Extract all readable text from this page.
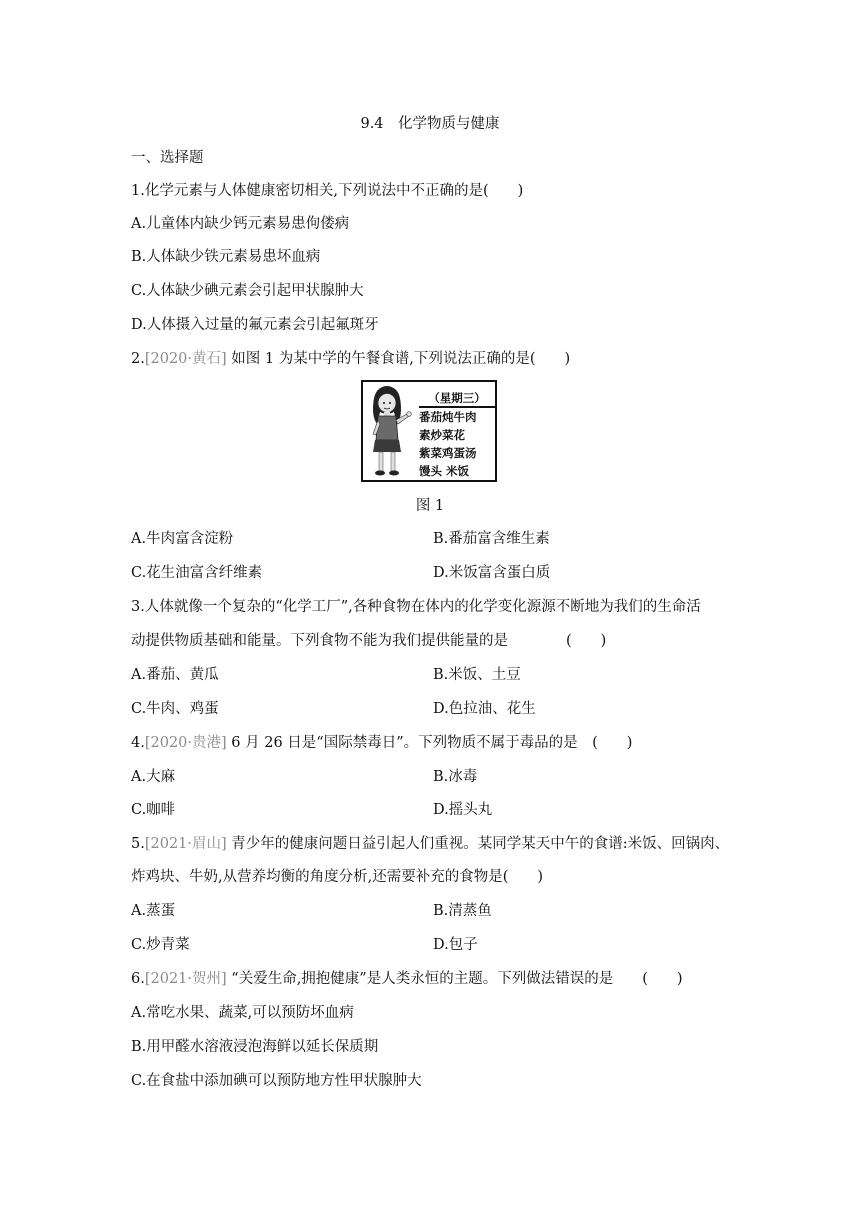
9.4　化学物质与健康
一、选择题
1.化学元素与人体健康密切相关,下列说法中不正确的是(　　)
A.儿童体内缺少钙元素易患佝偻病
B.人体缺少铁元素易患坏血病
C.人体缺少碘元素会引起甲状腺肿大
D.人体摄入过量的氟元素会引起氟斑牙
2.[2020·黄石] 如图 1 为某中学的午餐食谱,下列说法正确的是(　　)
（星期三）
番茄炖牛肉
素炒菜花
紫菜鸡蛋汤
馒头 米饭
图 1
A.牛肉富含淀粉	B.番茄富含维生素
C.花生油富含纤维素	D.米饭富含蛋白质
3.人体就像一个复杂的“化学工厂”,各种食物在体内的化学变化源源不断地为我们的生命活
动提供物质基础和能量。下列食物不能为我们提供能量的是　　　　(　　)
A.番茄、黄瓜	B.米饭、土豆
C.牛肉、鸡蛋	D.色拉油、花生
4.[2020·贵港] 6 月 26 日是“国际禁毒日”。下列物质不属于毒品的是　(　　)
A.大麻	B.冰毒
C.咖啡	D.摇头丸
5.[2021·眉山] 青少年的健康问题日益引起人们重视。某同学某天中午的食谱:米饭、回锅肉、
炸鸡块、牛奶,从营养均衡的角度分析,还需要补充的食物是(　　)
A.蒸蛋	B.清蒸鱼
C.炒青菜	D.包子
6.[2021·贺州] “关爱生命,拥抱健康”是人类永恒的主题。下列做法错误的是　　(　　)
A.常吃水果、蔬菜,可以预防坏血病
B.用甲醛水溶液浸泡海鲜以延长保质期
C.在食盐中添加碘可以预防地方性甲状腺肿大
